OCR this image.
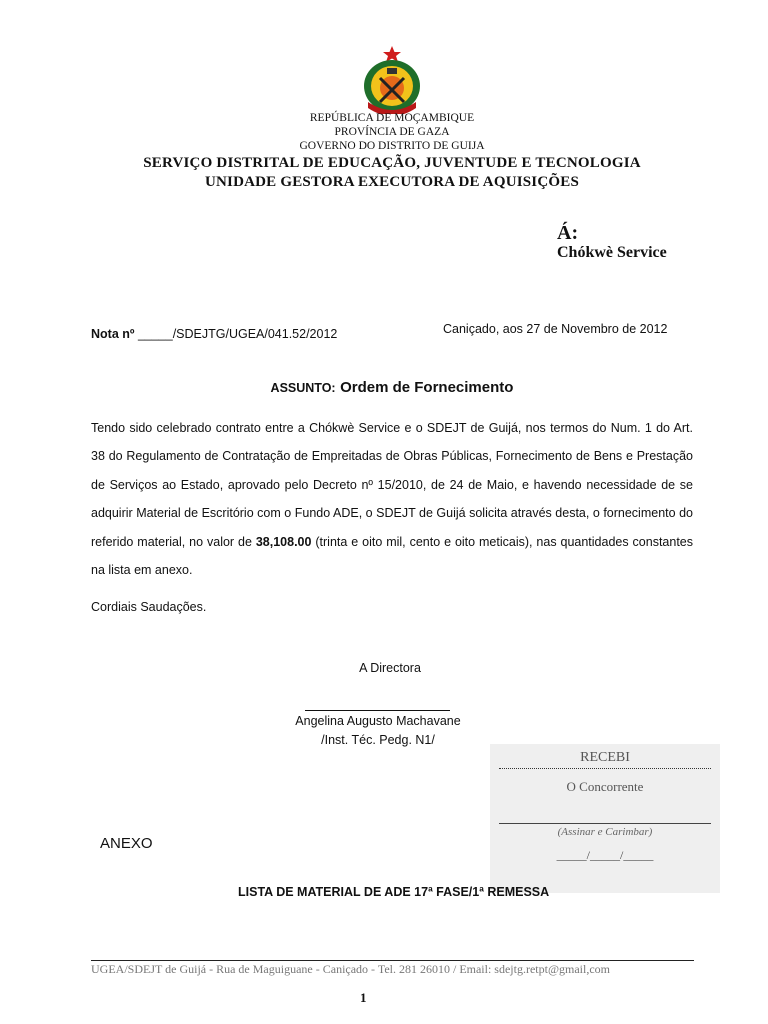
REPÚBLICA DE MOÇAMBIQUE
PROVÍNCIA DE GAZA
GOVERNO DO DISTRITO DE GUIJA
SERVIÇO DISTRITAL DE EDUCAÇÃO, JUVENTUDE E TECNOLOGIA
UNIDADE GESTORA EXECUTORA DE AQUISIÇÕES
Á:
Chókwè Service
Nota nº _____/SDEJTG/UGEA/041.52/2012	Caniçado, aos 27 de Novembro de 2012
ASSUNTO: Ordem de Fornecimento

Tendo sido celebrado contrato entre a Chókwè Service e o SDEJT de Guijá, nos termos do Num. 1 do Art. 38 do Regulamento de Contratação de Empreitadas de Obras Públicas, Fornecimento de Bens e Prestação de Serviços ao Estado, aprovado pelo Decreto nº 15/2010, de 24 de Maio, e havendo necessidade de se adquirir Material de Escritório com o Fundo ADE, o SDEJT de Guijá solicita através desta, o fornecimento do referido material, no valor de 38,108.00 (trinta e oito mil, cento e oito meticais), nas quantidades constantes na lista em anexo.

Cordiais Saudações.
A Directora
Angelina Augusto Machavane
/Inst. Téc. Pedg. N1/
RECEBI
O Concorrente
(Assinar e Carimbar)
_____/_____/_____
ANEXO
LISTA DE MATERIAL DE ADE 17ª FASE/1ª REMESSA
UGEA/SDEJT de Guijá - Rua de Maguiguane - Caniçado - Tel. 281 26010 / Email: sdejtg.retpt@gmail,com
1
